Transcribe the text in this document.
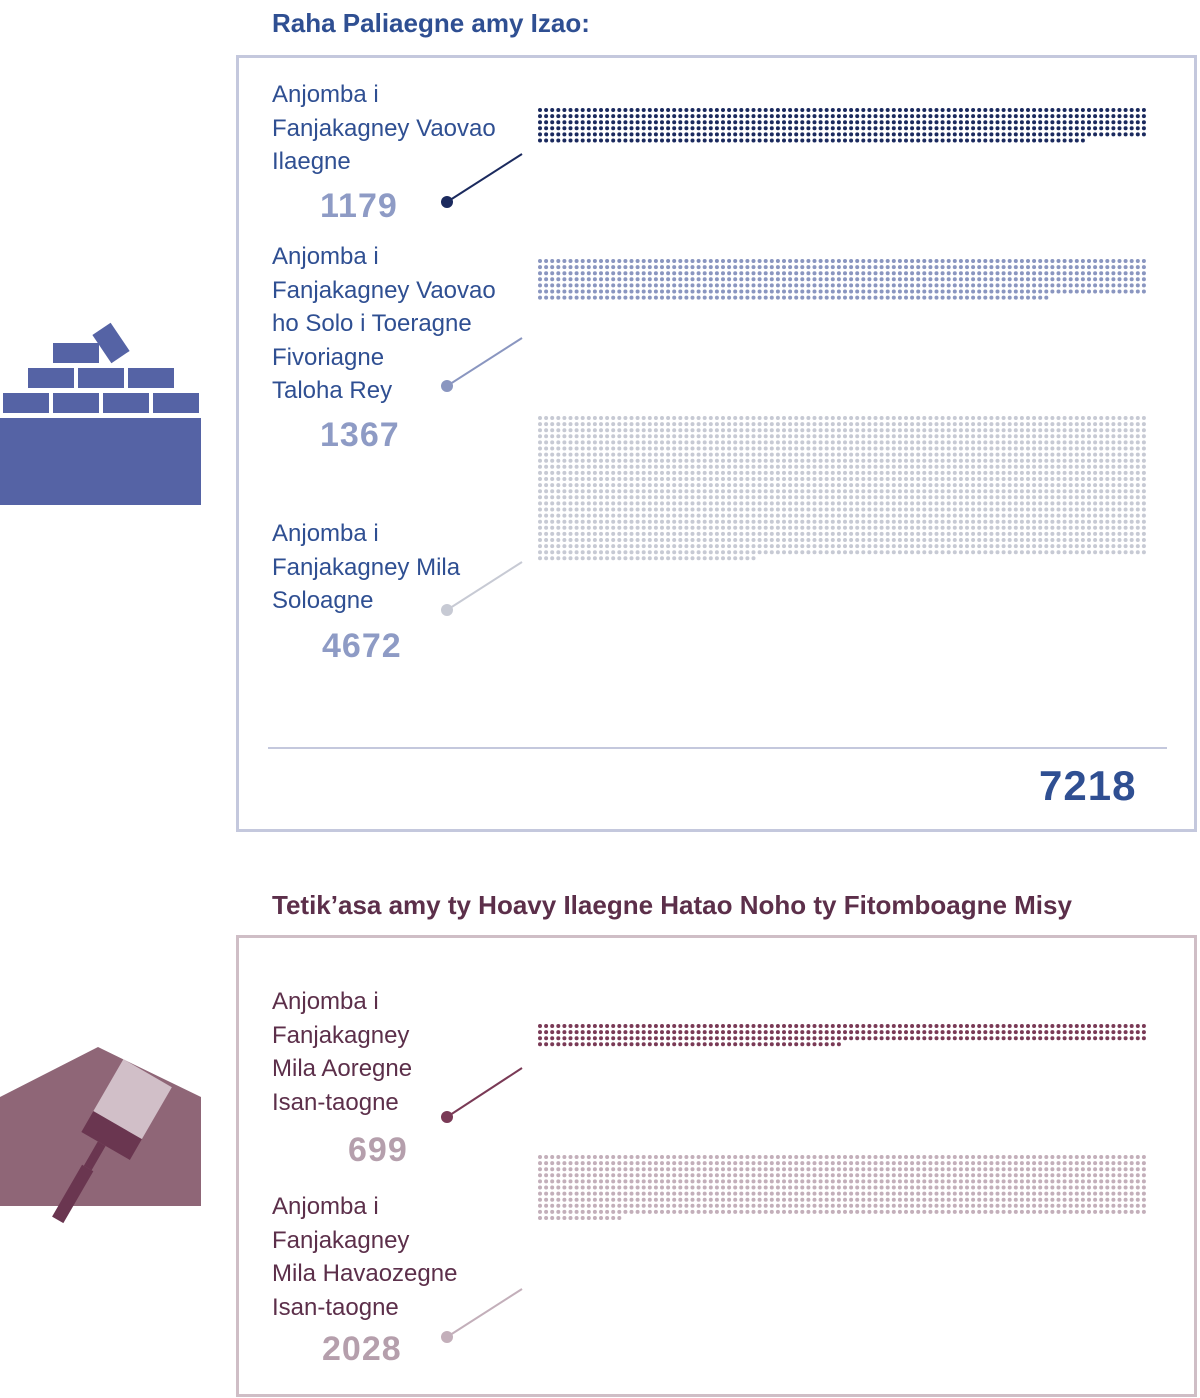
Raha Paliaegne amy Izao:

Anjomba i
Fanjakagney Vaovao
Ilaegne

1179

Anjomba i
Fanjakagney Vaovao
ho Solo i Toeragne
Fivoriagne
Taloha Rey

1367

Anjomba i
Fanjakagney Mila
Soloagne

4672

7218

Tetik’asa amy ty Hoavy Ilaegne Hatao Noho ty Fitomboagne Misy

Anjomba i
Fanjakagney
Mila Aoregne
Isan-taogne

699

Anjomba i
Fanjakagney
Mila Havaozegne
Isan-taogne

2028
